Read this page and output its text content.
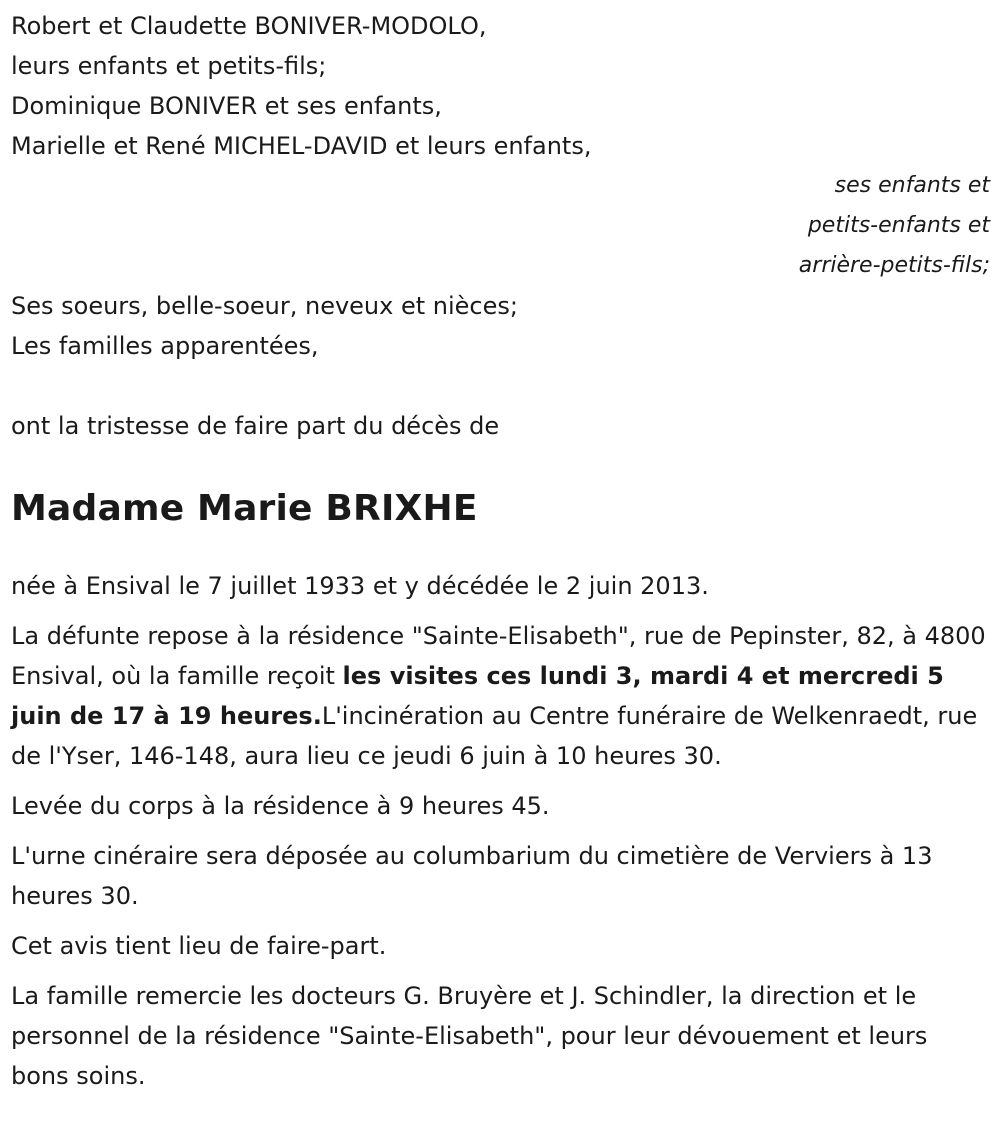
Robert et Claudette BONIVER-MODOLO,
leurs enfants et petits-fils;
Dominique BONIVER et ses enfants,
Marielle et René MICHEL-DAVID et leurs enfants,
ses enfants et
petits-enfants et
arrière-petits-fils;
Ses soeurs, belle-soeur, neveux et nièces;
Les familles apparentées,
ont la tristesse de faire part du décès de
Madame Marie BRIXHE

née à Ensival le 7 juillet 1933 et y décédée le 2 juin 2013.

La défunte repose à la résidence "Sainte-Elisabeth", rue de Pepinster, 82, à 4800 Ensival, où la famille reçoit les visites ces lundi 3, mardi 4 et mercredi 5 juin de 17 à 19 heures.L'incinération au Centre funéraire de Welkenraedt, rue de l'Yser, 146-148, aura lieu ce jeudi 6 juin à 10 heures 30.

Levée du corps à la résidence à 9 heures 45.

L'urne cinéraire sera déposée au columbarium du cimetière de Verviers à 13 heures 30.

Cet avis tient lieu de faire-part.

La famille remercie les docteurs G. Bruyère et J. Schindler, la direction et le personnel de la résidence "Sainte-Elisabeth", pour leur dévouement et leurs bons soins.
